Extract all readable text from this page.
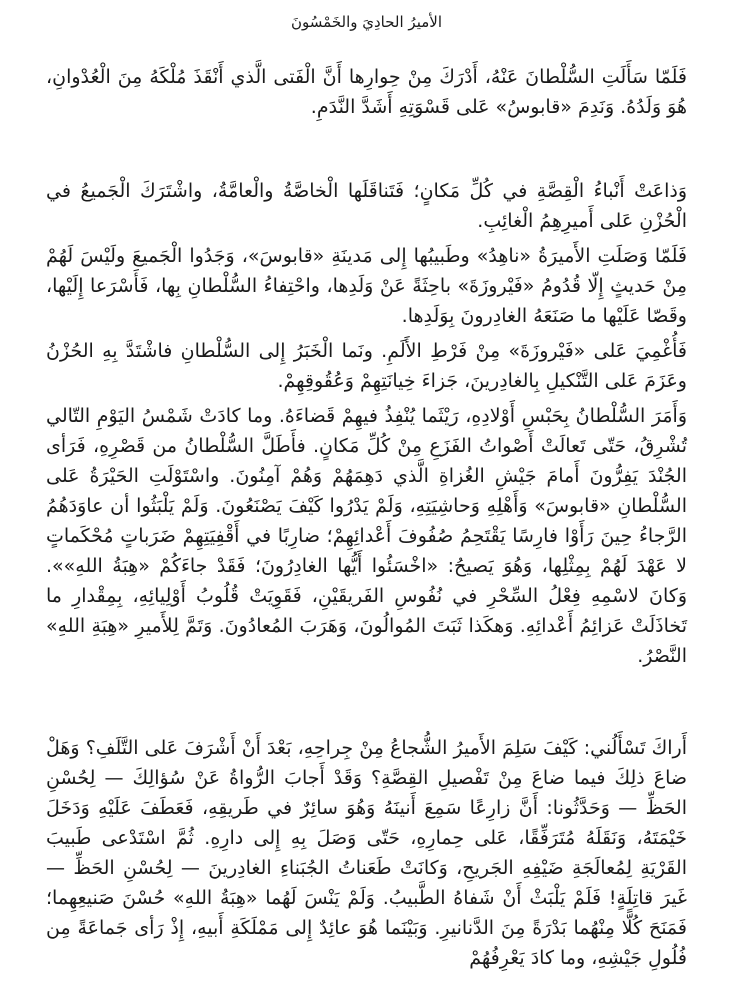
الأميرُ الحادِيَ والخَمْسُونَ

فَلَمّا سَأَلَتِ السُّلْطانَ عَنْهُ، أَدْرَكَ مِنْ حِوارِها أَنَّ الْفَتى الَّذي أَنْقَذَ مُلْكَهُ مِنَ الْعُدْوانِ، هُوَ وَلَدُهُ. وَنَدِمَ «قابوسُ» عَلى قَسْوَتِهِ أَشَدَّ النَّدَمِ.

وَذاعَتْ أَنْباءُ الْقِصَّةِ في كُلِّ مَكانٍ؛ فَتَناقَلَها الْخاصَّةُ والْعامَّةُ، واشْتَرَكَ الْجَميعُ في الْحُزْنِ عَلى أَميرِهِمُ الْغائِبِ.

فَلَمّا وَصَلَتِ الأَميرَةُ «ناهِدُ» وطَبيبُها إِلى مَدينَةِ «قابوسَ»، وَجَدُوا الْجَميعَ ولَيْسَ لَهُمْ مِنْ حَديثٍ إِلّا قُدُومُ «فَيْروزَةَ» باحِثَةً عَنْ وَلَدِها، واحْتِفاءُ السُّلْطانِ بِها، فَأَسْرَعا إِلَيْها، وقَصّا عَلَيْها ما صَنَعَهُ الغادِرونَ بِوَلَدِها.

فَأُغْمِيَ عَلى «فَيْروزَةَ» مِنْ فَرْطِ الأَلَمِ. ونَما الْخَبَرُ إِلى السُّلْطانِ فاشْتَدَّ بِهِ الحُزْنُ وعَزَمَ عَلى التَّنْكيلِ بِالغادِرينَ، جَزاءَ خِيانَتِهِمْ وَعُقُوقِهِمْ.

وَأَمَرَ السُّلْطانُ بِحَبْسِ أَوْلادِهِ، رَيْثَما يُنْفِذُ فيهِمْ قَضاءَهُ. وما كادَتْ شَمْسُ اليَوْمِ التّالي تُشْرِقُ، حَتّى تَعالَتْ أَصْواتُ الفَزَعِ مِنْ كُلِّ مَكانٍ. فأَطَلَّ السُّلْطانُ من قَصْرِهِ، فَرَأى الجُنْدَ يَفِرُّونَ أَمامَ جَيْشِ الغُزاةِ الَّذي دَهِمَهُمْ وَهُمْ آمِنُونَ. واسْتَوْلَتِ الحَيْرَةُ عَلى السُّلْطانِ «قابوسَ» وَأَهْلِهِ وَحاشِيَتِهِ، وَلَمْ يَدْرُوا كَيْفَ يَصْنَعُونَ. وَلَمْ يَلْبَثُوا أن عاوَدَهُمُ الرَّجاءُ حِينَ رَأَوْا فارِسًا يَقْتَحِمُ صُفُوفَ أَعْدائِهِمْ؛ ضارِبًا في أَقْفِيَتِهِمْ ضَرَباتٍ مُحْكَماتٍ لا عَهْدَ لَهُمْ بِمِثْلِها، وَهُوَ يَصيحُ: «اخْسَئُوا أَيُّها الغادِرُونَ؛ فَقَدْ جاءَكُمْ «هِبَةُ اللهِ»». وَكانَ لاسْمِهِ فِعْلُ السِّحْرِ في نُفُوسِ الفَريقَيْنِ، فَقَوِيَتْ قُلُوبُ أَوْلِيائِهِ، بِمِقْدارِ ما تَخاذَلَتْ عَزائِمُ أَعْدائِهِ. وَهكَذا ثَبَتَ المُوالُونَ، وَهَرَبَ المُعادُونَ. وَتَمَّ لِلأَميرِ «هِبَةِ اللهِ» النَّصْرُ.

أَراكَ تَسْأَلُني: كَيْفَ سَلِمَ الأَميرُ الشُّجاعُ مِنْ جِراحِهِ، بَعْدَ أَنْ أَشْرَفَ عَلى التَّلَفِ؟ وَهَلْ ضاعَ ذلِكَ فيما ضاعَ مِنْ تَفْصيلِ القِصَّةِ؟ وَقَدْ أَجابَ الرُّواةُ عَنْ سُؤالِكَ — لِحُسْنِ الحَظِّ — وَحَدَّثُونا: أَنَّ زارِعًا سَمِعَ أَنينَهُ وَهُوَ سائِرٌ في طَريقِهِ، فَعَطَفَ عَلَيْهِ وَدَخَلَ خَيْمَتَهُ، وَنَقَلَهُ مُتَرَفِّقًا، عَلى حِمارِهِ، حَتّى وَصَلَ بِهِ إِلى دارِهِ. ثُمَّ اسْتَدْعى طَبيبَ القَرْيَةِ لِمُعالَجَةِ ضَيْفِهِ الجَريحِ، وَكانَتْ طَعَناتُ الجُبَناءِ الغادِرينَ — لِحُسْنِ الحَظِّ — غَيرَ قاتِلَةٍ! فَلَمْ يَلْبَثْ أَنْ شَفاهُ الطَّبيبُ. وَلَمْ يَنْسَ لَهُما «هِبَةُ اللهِ» حُسْنَ صَنيعِهِما؛ فَمَنَحَ كُلًّا مِنْهُما بَدْرَةً مِنَ الدَّنانيرِ. وَبَيْنَما هُوَ عائِدٌ إِلى مَمْلَكَةِ أَبيهِ، إِذْ رَأى جَماعَةً مِن فُلُولِ جَيْشِهِ، وما كادَ يَعْرِفُهُمْ
